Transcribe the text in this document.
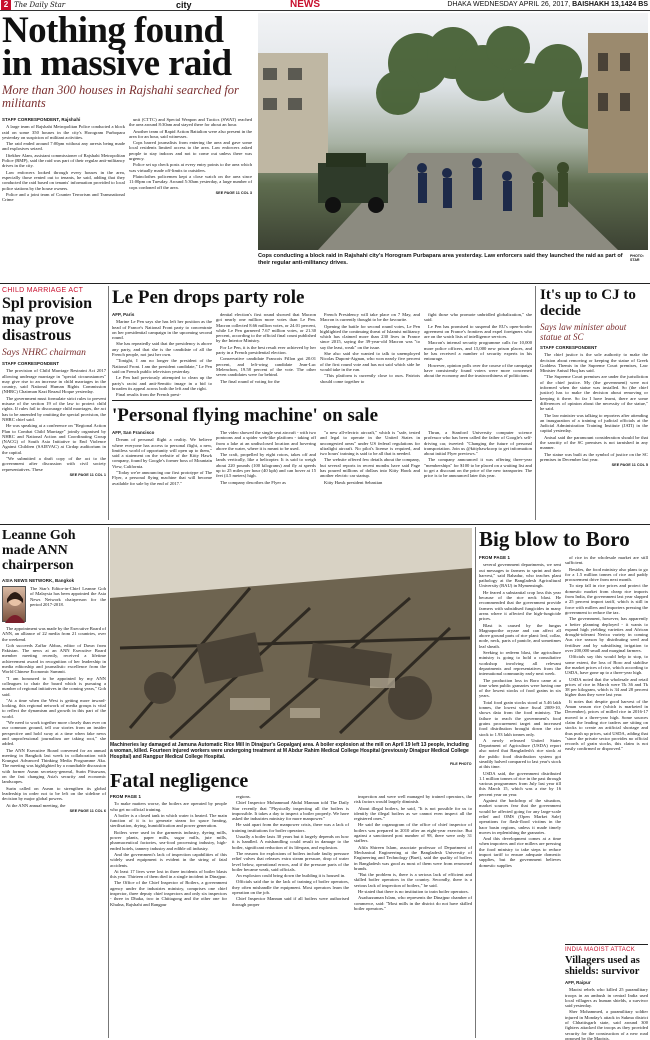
2 The Daily Star	city	NEWS	DHAKA WEDNESDAY APRIL 26, 2017, BAISHAKH 13,1424 BS
Nothing found in massive raid
More than 300 houses in Rajshahi searched for militants
STAFF CORRESPONDENT, Rajshahi

A large team of Rajshahi Metropolitan Police conducted a block raid on some 350 houses in the city's Horogram Purbopara yesterday on suspicion of militant activities.

The raid ended around 7:00pm without any arrests being made and explosives seized.

Iftekher Alam, assistant commissioner of Rajshahi Metropolitan Police (RMP), said the raid was part of their regular anti-militancy drives in the city.

Law enforcers looked through every houses in the area, especially those rented out to tenants, he said, adding that they conducted the raid based on tenants' information provided to local police stations by the house owners.

Police and a joint team of Counter Terrorism and Transnational Crime

unit (CTTC) and Special Weapon and Tactics (SWAT) reached the area around 8:30am and stayed there for about an hour.

Another team of Rapid Action Battalion were also present in the area for an hour, said witnesses.

Cops barred journalists from entering the area and gave some local residents limited access to the area. Law enforcers asked people to stay indoors and not to come out unless there was urgency.

Police set up check posts at every entry points to the area which was virtually made off-limits to outsiders.

Plainclothes policemen kept a close watch on the area since 11:00pm on Tuesday. Around 5:30am yesterday, a large number of cops cordoned off the area.

SEE PAGE 11 COL 3
Cops conducting a block raid in Rajshahi city's Horogram Purbapara area yesterday. Law enforcers said they launched the raid as part of their regular anti-militancy drives.
PHOTO: STAR
CHILD MARRIAGE ACT
Spl provision may prove disastrous
Says NHRC chairman
STAFF CORRESPONDENT

The provision of Child Marriage Restraint Act 2017 allowing underage marriage in "special circumstances" may give rise to an increase in child marriages in the country, said National Human Rights Commission (NHRC) Chairman Kazi Reazul Hoque yesterday.

The government must formulate strict rules to prevent misuse of the section 19 of the law to protect child rights. If rules fail to discourage child marriages, the act has to be amended by omitting the special provision, the NHRC chief said.

He was speaking at a conference on "Regional Action Plan to Combat Child Marriage" jointly organised by NHRC and National Action and Coordinating Group (NACG) of South Asia Initiative to End Violence Against Children (SAIEVAC) at Cirdap auditorium in the capital.

"We submitted a draft copy of the act to the government after discussion with civil society representatives. These

SEE PAGE 11 COL 1
Le Pen drops party role
AFP, Paris

Marine Le Pen says she has left her position as the head of France's National Front party to concentrate on her presidential campaign in the upcoming second round.

She has repeatedly said that the presidency is above any party, and that she is the candidate of all the French people, not just her own.

"Tonight, I am no longer the president of the National Front. I am the president candidate," Le Pen said on French public television yesterday.

Le Pen had previously attempted to clean up the party's racist and anti-Semitic image in a bid to broaden its appeal across both the left and the right.

Final results from the French presi-

dential election's first round showed that Macron got nearly one million more votes than Le Pen. Macron collected 8.66 million votes, or 24.01 percent, while Le Pen garnered 7.67 million votes, or 21.30 percent, according to the official final count published by the Interior Ministry.

For Le Pen, it is the best result ever achieved by her party in a French presidential election.

Conservative candidate Francois Fillon got 20.01 percent, and left-wing candidate Jean-Luc Melenchon, 19.58 percent of the vote. The other seven candidates were far behind.

The final round of voting for the

French Presidency will take place on 7 May, and Macron is currently thought to be the favourite.

Opening the battle for second round votes, Le Pen highlighted the continuing threat of Islamist militancy which has claimed more than 230 lives in France since 2015, saying the 39-year-old Macron was "to say the least, weak" on the issue.

She also said she wanted to talk to unemployed Nicolas Dupont-Aignan, who won nearly five percent of the first round vote and has not said which side he would take in the run.

"This platform is currently close to ours. Patriots should come together to

fight those who promote unbridled globalization," she said.

Le Pen has promised to suspend the EU's open-border agreement on France's frontiers and expel foreigners who are on the watch lists of intelligence services.

Macron's internal security programme calls for 10,000 more police officers, and 15,000 new prison places, and he has received a number of security experts in his entourage.

However, opinion polls over the course of the campaign have consistently found voters were more concerned about the economy and the trustworthiness of politicians.

'Personal flying machine' on sale
AFP, San Francisco

Dream of personal flight a reality. We believe where everyone has access to personal flight, a new, limitless world of opportunity will open up to them," said a statement on the website of the Kitty Hawk company, found by Google's former boss of Mountain View, California.

"Today we're announcing our first prototype of The Flyer, a personal flying machine that will become available for sale by the end of 2017."

The video showed the single seat aircraft - with two pontoons and a spider web-like platform - taking off from a lake at an undisclosed location and hovering above the water, where it is meant to be used.

The craft, propelled by eight rotors, takes off and lands vertically, like a helicopter. It is said to weigh about 220 pounds (100 kilograms) and fly at speeds up to 25 miles per hour (40 kph) and can hover at 15 feet (4.5 meters) high.

The company describes the Flyer as

"a new all-electric aircraft," which is "safe, tested and legal to operate in the United States in uncongested areas" under US federal regulations for ultralight aircraft. No pilot's license is required, and two hours' training is said to be all that is needed.

The website offered few details about the company, but several reports in recent months have said Page has poured millions of dollars into Kitty Hawk and another electric car startup.

Kitty Hawk president Sebastian

Thrun, a Stanford University computer science professor who has been called the father of Google's self-driving car, tweeted: "Changing the future of personal transportation. Join us @kittyhawkcorp to get information about initial Flyer previews."

The company announced it was offering three-year "memberships" for $100 to be placed on a waiting list and to get a discount on the price of the new transporter. The price is to be announced later this year.

It's up to CJ to decide
Says law minister about statue at SC
STAFF CORRESPONDENT

The chief justice is the sole authority to make the decision about removing or keeping the statue of Greek Goddess Themis in the Supreme Court premises, Law Minister Anisul Huq has said.

"The Supreme Court premises are under the jurisdiction of the chief justice. My (the government) were not informed when the statue was installed. So (the chief justice) has to make the decision about removing or keeping it there. So far I have learnt, there are some differences of opinion about the necessity of the statue," he said.

The law minister was talking to reporters after attending an inauguration of a training of judicial officials at the Judicial Administration Training Institute (JATI) in the capital yesterday.

Anisul said the paramount consideration should be that the sanctity of the SC premises is not tarnished in any manner.

The statue was built as the symbol of justice on the SC premises in December last year.

SEE PAGE 11 COL 5
Leanne Goh made ANN chairperson
ASIA NEWS NETWORK, Bangkok

The Star's Editor-in-Chief Leanne Goh of Malaysia has been appointed the Asia News Network chairperson for the period 2017-2018.

The appointment was made by the Executive Board of ANN, an alliance of 22 media from 21 countries, over the weekend.

Goh succeeds Zaffar Abbas, editor of Dawn from Pakistan. The news at an ANN Executive Board member meeting recently, received a lifetime achievement award in recognition of her leadership in media editorship and journalistic excellence from the World Chinese Economic Summit.

"I am honoured to be appointed by my ANN colleagues to chair the board which is pursuing a number of regional initiatives in the coming years," Goh said.

"At a time when the West is getting more inward-looking, this regional network of media groups is vital to reflect the dynamism and growth in this part of the world.

"We need to work together more closely than ever on our common ground, tell our stories from an insider perspective and hold sway at a time when fake news and unprofessional journalism are taking root," she added.

The ANN Executive Board convened for an annual meeting in Bangkok last week in collaboration with Krungsri Advanced Thinking Media Programme Aka. The meeting was highlighted by a roundtable discussion with former Asean secretary-general, Surin Pitsuwan, on the fast changing Asia's security and economic landscapes.

Surin called on Asean to strengthen its global leadership in order not to be left on the sideline of decision by major global powers.

At the ANN annual meeting, the

SEE PAGE 11 COL 6
Machineries lay damaged at Jamuna Automatic Rice Mill in Dinajpur's Gopalganj area. A boiler explosion at the mill on April 19 left 13 people, including a woman, killed. Fourteen injured workers were undergoing treatment at M Abdur Rahim Medical College Hospital (previously Dinajpur Medical College Hospital) and Rangpur Medical College Hospital.
FILE PHOTO
Fatal negligence
FROM PAGE 1

To make matters worse, the boilers are operated by people who get no official training.

A boiler is a closed tank in which water is heated. The main function of it is to generate steam for space heating, sterilisation, drying, humidification and power generation.

Boilers were used in the garments industry, dyeing mills, power plants, paper mills, sugar mills, jute mills, pharmaceutical factories, sea-food processing industry, high-ended hotels, tannery industry and edible oil industry.

And the government's lack of inspection capabilities of this widely used equipment is evident in the string of fatal accidents.

At least 17 lives were lost in three incidents of boiler blasts this year. Thirteen of them died in a single incident in Dinajpur.

The Office of the Chief Inspector of Boilers, a government agency under the industries ministry, comprises one chief inspector, three deputy chief inspectors and only six inspectors - three in Dhaka, two in Chittagong and the other one for Khulna, Rajshahi and Rangpur

regions.

Chief Inspector Mohammad Abdul Mannan told The Daily Star recently that "Physically inspecting all the boilers is impossible. It takes a day to inspect a boiler properly. We have asked the industries ministry for more manpower."

He said apart from the manpower crisis, there was a lack of training institutions for boiler operators.

Usually a boiler lasts 30 years but it largely depends on how it is handled. A mishandling could result in damage to the boiler, significant reduction of its lifespan, and explosion.

The reasons for explosions of boilers include faulty pressure relief valves that releases extra steam pressure, drop of water level below, operational errors, and if the pressure parts of the boiler became weak, said officials.

An explosion could bring down the building it is housed in.

Officials said due to the lack of training of boiler operators, they often mishandle the equipment. Most operators learn the operation on the job.

Chief Inspector Mannan said if all boilers were authorised through proper

inspection and were well managed by trained operators, the risk factors would largely diminish.

About illegal boilers, he said, "It is not possible for us to identify the illegal boilers as we cannot even inspect all the registered ones."

He said the organogram of the office of chief inspector of boilers was prepared in 2010 after an eight-year exercise. But against a sanctioned post number of 98, there were only 31 staffers.

Afifa Shireen Islam, associate professor of Department of Mechanical Engineering at the Bangladesh University of Engineering and Technology (Buet), said the quality of boilers in Bangladesh was good as most of them were from renowned brands.

"But the problem is, there is a serious lack of efficient and skilled boiler operators in the country. Secondly, there is a serious lack of inspection of boilers," he said.

He stated that there is no institution to train boiler operators.

Asaduzzaman Islam, who represents the Dinajpur chamber of commerce, said: "Most mills in the district do not have skilled boiler operators."

Big blow to Boro
FROM PAGE 1

several government departments, we sent out messages to farmers to sprint and their harvest," said Bahadur, who teaches plant pathology at the Bangladesh Agricultural University (BAU) in Mymensingh.

He feared a substantial crop loss this year because of the rice neck blast. He recommended that the government provide farmers with subsidised fungicides in many areas where it affected the high-fungicide prices.

Blast is caused by the fungus Magnaporthe oryzae and can affect all above ground parts of rice plant: leaf, collar, node, neck, parts of panicle, and sometimes leaf sheath.

Seeking to redeem blast, the agriculture ministry is going to hold a consultative workshop involving all relevant departments and representatives from the international community early next week.

The production loss in Boro came at a time when public granaries were having one of the lowest stocks of food grains in six years.

Total food grain stocks stood at 5.46 lakh tonnes, the lowest since fiscal 2009-10, shows data from the food ministry. The failure to reach the government's food grains procurement target and increased food distribution brought down the rice stock to 1.93 lakh tonnes only.

A newly released United States Department of Agriculture (USDA) report also noted that Bangladesh's rice stock at the public food distribution system got steadily halved compared to last year's stock at this time.

USDA said, the government distributed 1.1 million tonnes of rice in the past through various programmes from July last year till this March 15, which was a rise by 16 percent year on year.

Against the backdrop of the situation, market sources fear that the government would be affected going for any large-scale relief and OMS (Open Market Sale) operations for flash-flood victims in the haor basin regions, unless it made timely moves in replenishing the granaries.

And this development comes at a time when importers and rice millers are pressing the food ministry to take steps to reduce import tariff to ensure adequate domestic supplies, but the government believes domestic supplies

of rice in the wholesale market are still sufficient.

Besides, the food ministry also plans to go for a 1.5 million tonnes of rice and paddy procurement drive from next month.

To step fall in rice prices and protect the domestic market from cheap rice imports from India, the government last year slapped a 25 percent import tariff, which is still in force with millers and importers pressing the government to reduce the tax.

The government, however, has apparently a better planning deployed - it wants to expand high yielding varieties and African drought-tolerant Nerica variety in coming Aus rice season by distributing seed and fertiliser and by subsidising irrigation to over 200,000 small and marginal farmers.

Officials say this would help to stop, to some extent, the loss of Boro and stabilise the market prices of rice, which according to USDA, have gone up to a three-year high.

USDA noted that the wholesale and retail prices of rice in March were Tk 36 and Tk 38 per kilogram, which is 34 and 28 percent higher than they were last year.

It notes that despite good harvest of the Aman season rice (which is marketed in December), prices of milled rice in 2016-17 moved to a three-year high. Some sources claim the leading rice traders are sitting on stocks to create an artificial shortage and thus push up prices, said USDA, adding that "since the private sector provides no official records of grain stocks, this claim is not easily confirmed or disproved."

INDIA MAOIST ATTACK
Villagers used as shields: survivor
AFP, Raipur

Maoist rebels who killed 25 paramilitary troops in an ambush in central India used local villagers as human shields, a survivor said yesterday.

Sher Mohammed, a paramilitary soldier injured in Monday's attack in Sukma district of Chhattisgarh state, said around 300 fighters attacked the troops as they provided security for the construction of a new road opposed by the Maoists.
